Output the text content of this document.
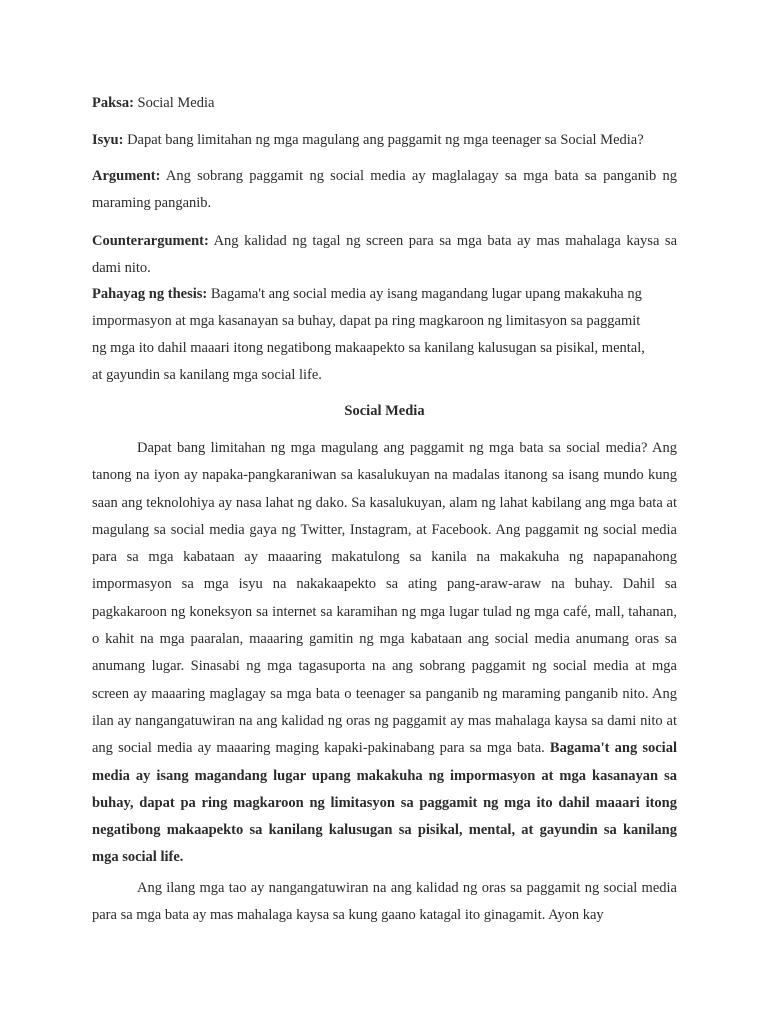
Paksa: Social Media
Isyu: Dapat bang limitahan ng mga magulang ang paggamit ng mga teenager sa Social Media?
Argument: Ang sobrang paggamit ng social media ay maglalagay sa mga bata sa panganib ng
maraming panganib.
Counterargument: Ang kalidad ng tagal ng screen para sa mga bata ay mas mahalaga kaysa sa
dami nito.
Pahayag ng thesis: Bagama't ang social media ay isang magandang lugar upang makakuha ng
impormasyon at mga kasanayan sa buhay, dapat pa ring magkaroon ng limitasyon sa paggamit
ng mga ito dahil maaari itong negatibong makaapekto sa kanilang kalusugan sa pisikal, mental,
at gayundin sa kanilang mga social life.
Social Media

Dapat bang limitahan ng mga magulang ang paggamit ng mga bata sa social media? Ang tanong na iyon ay napaka-pangkaraniwan sa kasalukuyan na madalas itanong sa isang mundo kung saan ang teknolohiya ay nasa lahat ng dako. Sa kasalukuyan, alam ng lahat kabilang ang mga bata at magulang sa social media gaya ng Twitter, Instagram, at Facebook. Ang paggamit ng social media para sa mga kabataan ay maaaring makatulong sa kanila na makakuha ng napapanahong impormasyon sa mga isyu na nakakaapekto sa ating pang-araw-araw na buhay. Dahil sa pagkakaroon ng koneksyon sa internet sa karamihan ng mga lugar tulad ng mga café, mall, tahanan, o kahit na mga paaralan, maaaring gamitin ng mga kabataan ang social media anumang oras sa anumang lugar. Sinasabi ng mga tagasuporta na ang sobrang paggamit ng social media at mga screen ay maaaring maglagay sa mga bata o teenager sa panganib ng maraming panganib nito. Ang ilan ay nangangatuwiran na ang kalidad ng oras ng paggamit ay mas mahalaga kaysa sa dami nito at ang social media ay maaaring maging kapaki-pakinabang para sa mga bata. Bagama't ang social media ay isang magandang lugar upang makakuha ng impormasyon at mga kasanayan sa buhay, dapat pa ring magkaroon ng limitasyon sa paggamit ng mga ito dahil maaari itong negatibong makaapekto sa kanilang kalusugan sa pisikal, mental, at gayundin sa kanilang mga social life.

Ang ilang mga tao ay nangangatuwiran na ang kalidad ng oras sa paggamit ng social media para sa mga bata ay mas mahalaga kaysa sa kung gaano katagal ito ginagamit. Ayon kay
